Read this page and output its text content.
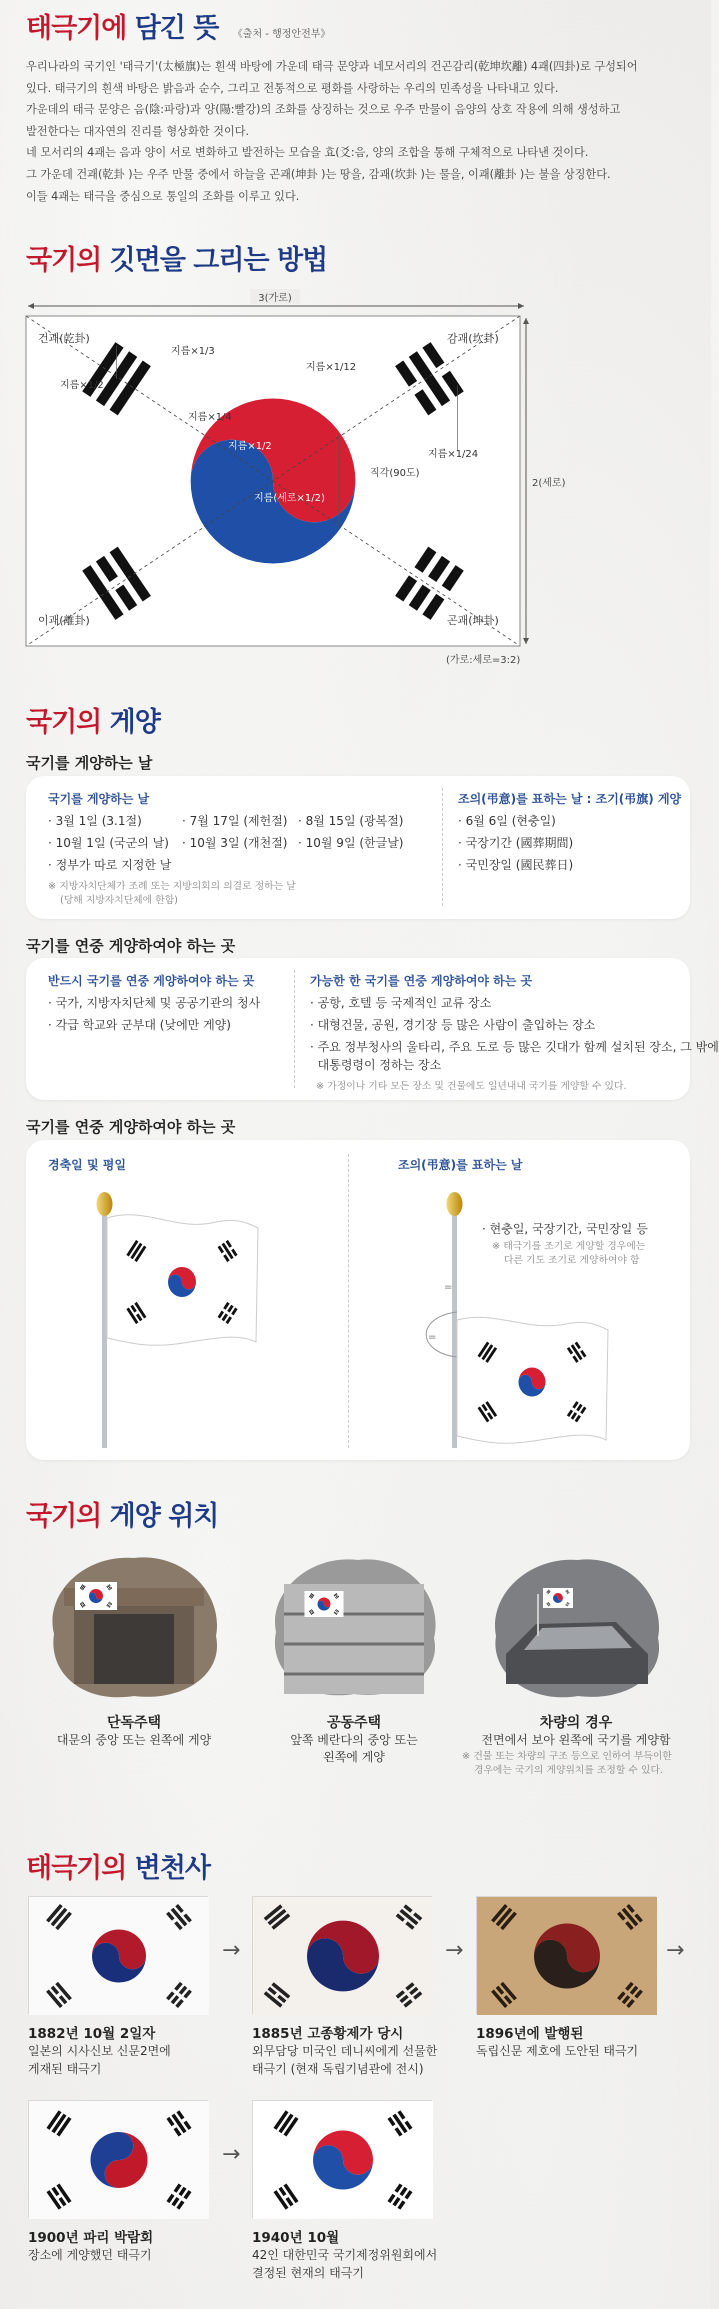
태극기에 담긴 뜻 《출처 - 행정안전부》

우리나라의 국기인 '태극기'(太極旗)는 흰색 바탕에 가운데 태극 문양과 네모서리의 건곤감리(乾坤坎離) 4괘(四卦)로 구성되어

있다. 태극기의 흰색 바탕은 밝음과 순수, 그리고 전통적으로 평화를 사랑하는 우리의 민족성을 나타내고 있다.

가운데의 태극 문양은 음(陰:파랑)과 양(陽:빨강)의 조화를 상징하는 것으로 우주 만물이 음양의 상호 작용에 의해 생성하고

발전한다는 대자연의 진리를 형상화한 것이다.

네 모서리의 4괘는 음과 양이 서로 변화하고 발전하는 모습을 효(爻:음, 양의 조합을 통해 구체적으로 나타낸 것이다.

그 가운데 건괘(乾卦 )는 우주 만물 중에서 하늘을 곤괘(坤卦 )는 땅을, 감괘(坎卦 )는 물을, 이괘(離卦 )는 불을 상징한다.

이들 4괘는 태극을 중심으로 통일의 조화를 이루고 있다.

국기의 깃면을 그리는 방법
3(가로)
2(세로)
건괘(乾卦)	감괘(坎卦)
이괘(離卦)	곤괘(坤卦)
지름×1/3
지름×1/2
지름×1/4
지름×1/12
지름×1/2
지름(세로×1/2)
지름×1/24
직각(90도)
(가로:세로=3:2)
국기의 게양
국기를 게양하는 날
국기를 게양하는 날
· 3월 1일 (3.1절)
· 10월 1일 (국군의 날)
· 정부가 따로 지정한 날
· 7월 17일 (제헌절)
· 10월 3일 (개천절)
· 8월 15일 (광복절)
· 10월 9일 (한글날)
※ 지방자치단체가 조례 또는 지방의회의 의결로 정하는 날
(당해 지방자치단체에 한함)
조의(弔意)를 표하는 날 : 조기(弔旗) 게양
· 6월 6일 (현충일)
· 국장기간 (國葬期間)
· 국민장일 (國民葬日)
국기를 연중 게양하여야 하는 곳
반드시 국기를 연중 게양하여야 하는 곳
· 국가, 지방자치단체 및 공공기관의 청사
· 각급 학교와 군부대 (낮에만 게양)
가능한 한 국기를 연중 게양하여야 하는 곳
· 공항, 호텔 등 국제적인 교류 장소
· 대형건물, 공원, 경기장 등 많은 사람이 출입하는 장소
· 주요 정부청사의 울타리, 주요 도로 등 많은 깃대가 함께 설치된 장소, 그 밖에
대통령령이 정하는 장소
※ 가정이나 기타 모든 장소 및 건물에도 일년내내 국기를 게양할 수 있다.
국기를 연중 게양하여야 하는 곳
경축일 및 평일	조의(弔意)를 표하는 날
· 현충일, 국장기간, 국민장일 등
※ 태극기를 조기로 게양할 경우에는
다른 기도 조기로 게양하여야 함
=
=
국기의 게양 위치
단독주택
대문의 중앙 또는 왼쪽에 게양
공동주택
앞쪽 베란다의 중앙 또는
왼쪽에 게양
차량의 경우
전면에서 보아 왼쪽에 국기를 게양함
※ 건물 또는 차량의 구조 등으로 인하여 부득이한
경우에는 국기의 게양위치를 조정할 수 있다.
태극기의 변천사
→	→	→
→
1882년 10월 2일자
일본의 시사신보 신문2면에
게재된 태극기
1885년 고종황제가 당시
외무담당 미국인 데니씨에게 선물한
태극기 (현재 독립기념관에 전시)
1896년에 발행된
독립신문 제호에 도안된 태극기
1900년 파리 박람회
장소에 게양했던 태극기
1940년 10월
42인 대한민국 국기제정위원회에서
결정된 현재의 태극기
